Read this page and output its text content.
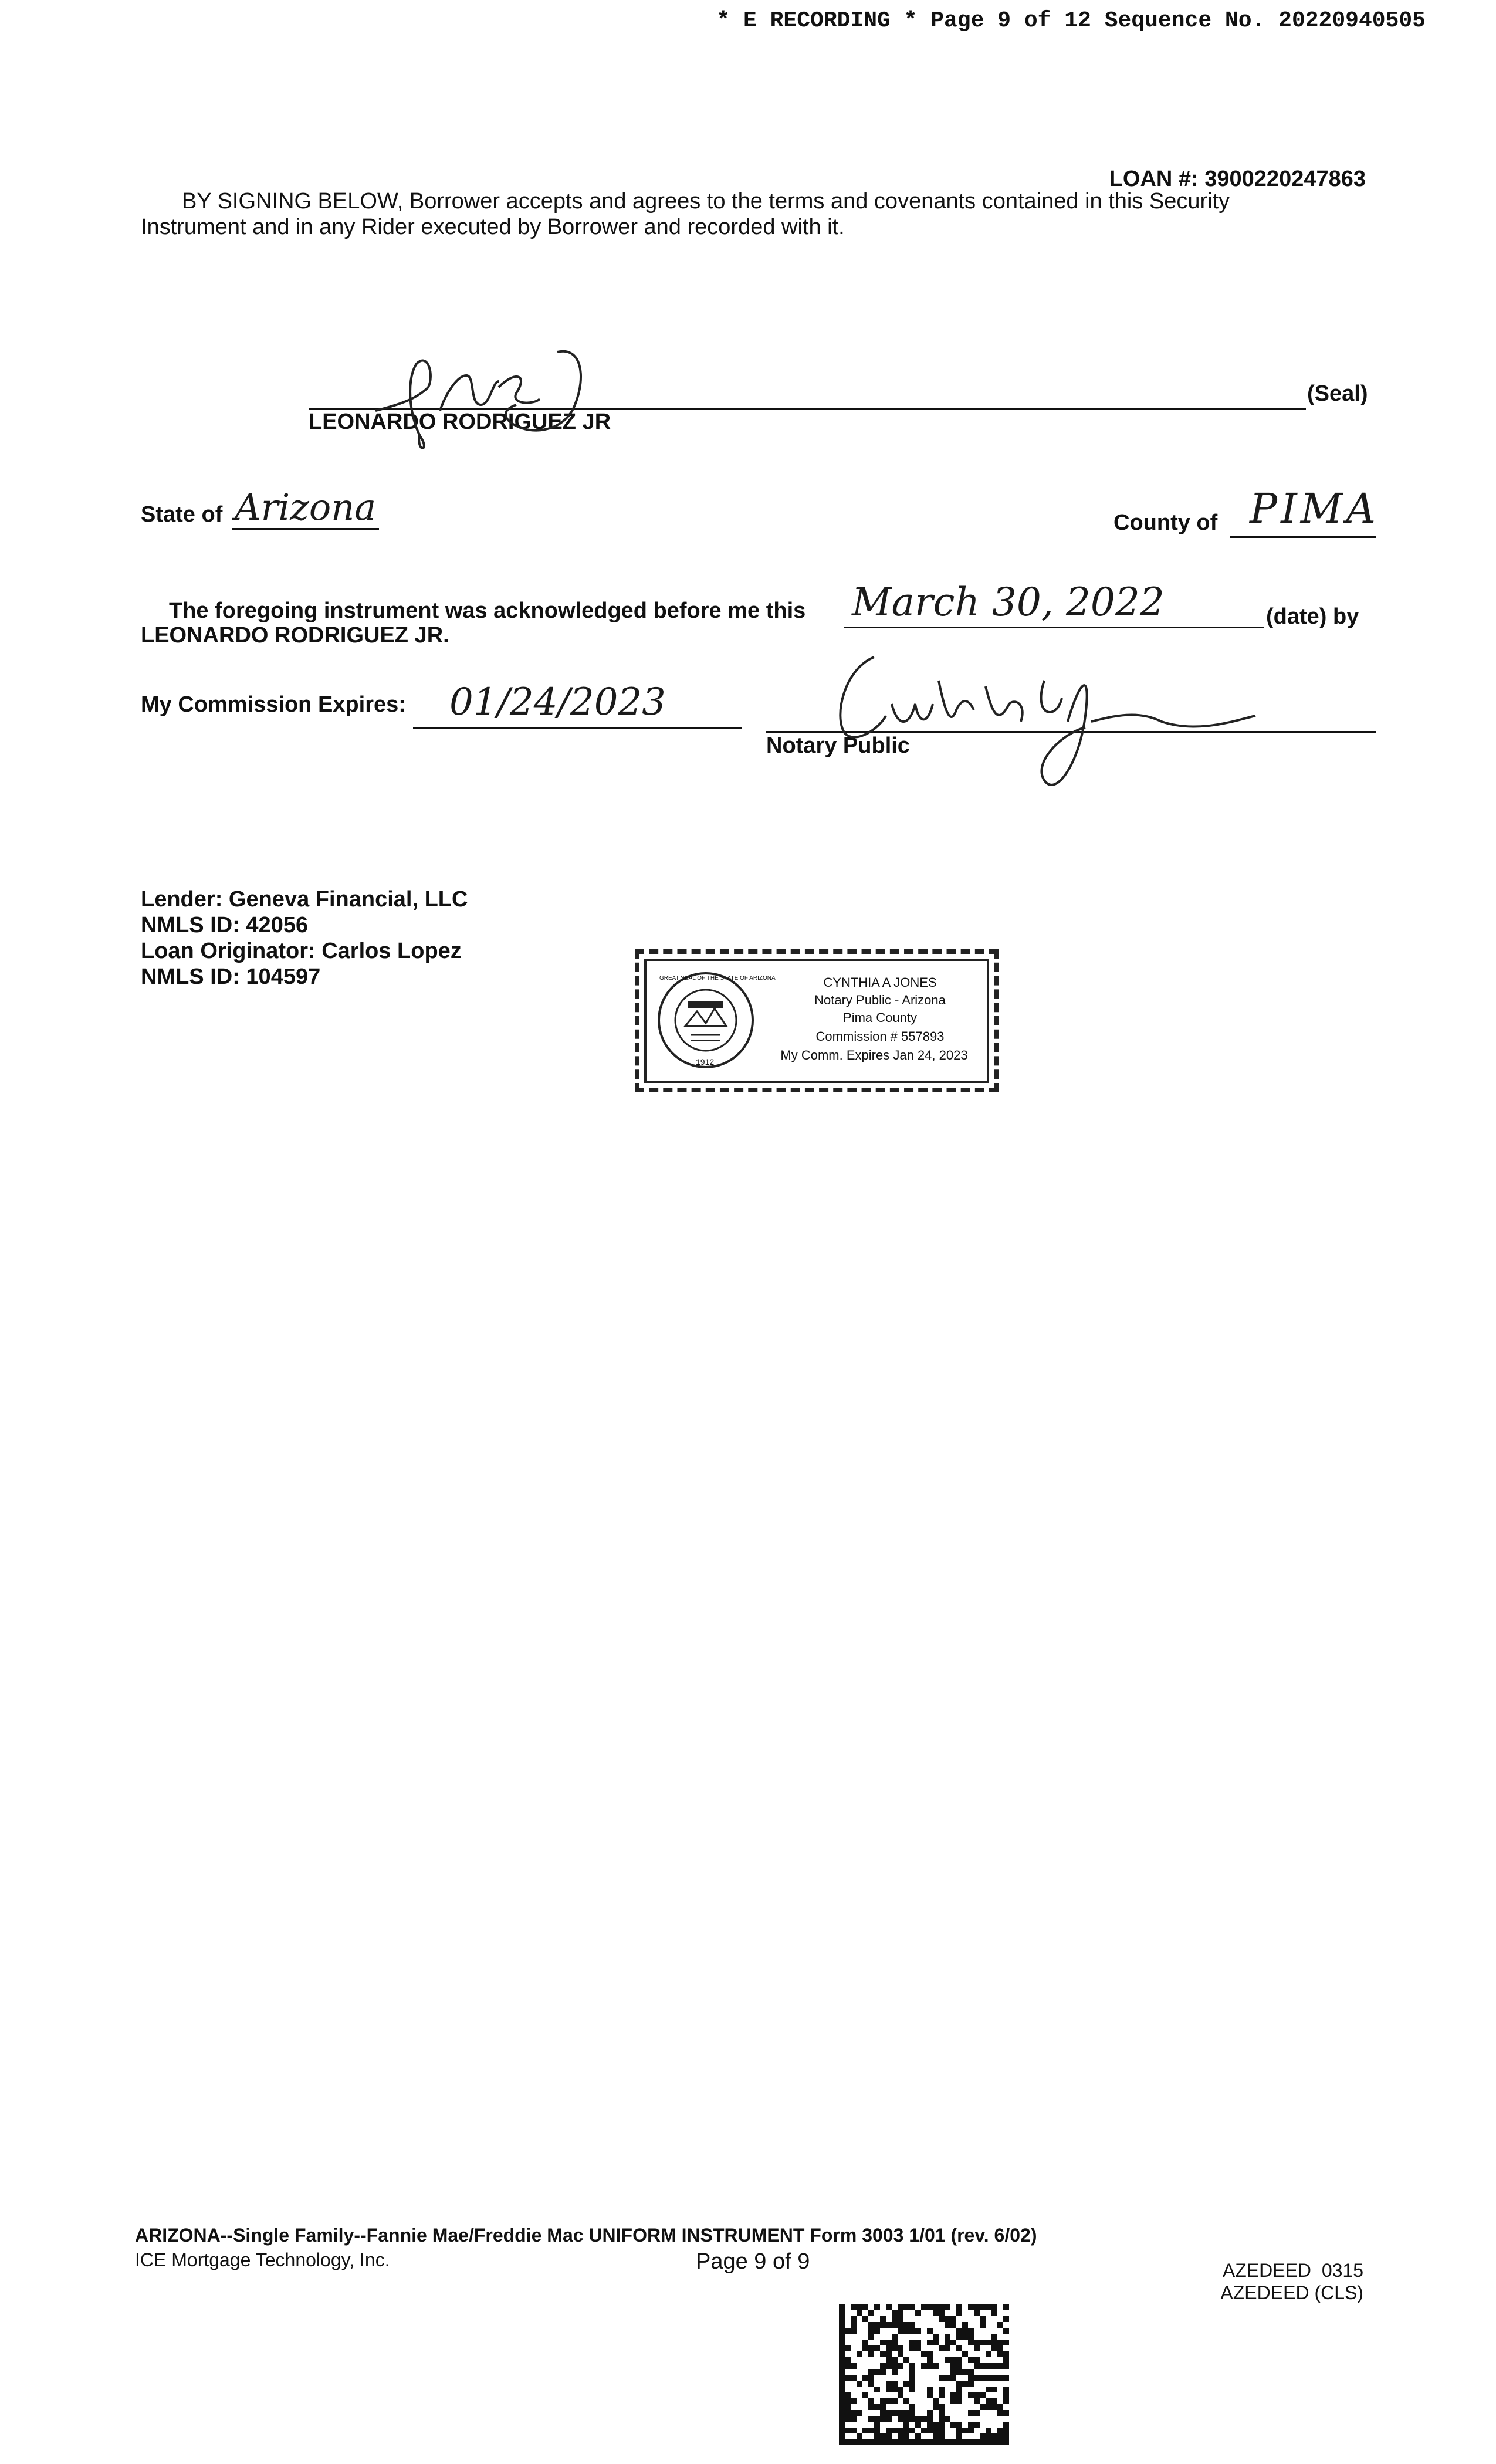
* E RECORDING * Page 9 of 12 Sequence No. 20220940505
LOAN #: 3900220247863
BY SIGNING BELOW, Borrower accepts and agrees to the terms and covenants contained in this Security
Instrument and in any Rider executed by Borrower and recorded with it.
(Seal)
LEONARDO RODRIGUEZ JR
State of Arizona	County of PIMA
The foregoing instrument was acknowledged before me this March 30, 2022	(date) by
LEONARDO RODRIGUEZ JR.
My Commission Expires: 01/24/2023
Notary Public
Lender: Geneva Financial, LLC
NMLS ID: 42056
Loan Originator: Carlos Lopez
NMLS ID: 104597	GREAT SEAL OF THE STATE OF ARIZONA
1912
CYNTHIA A JONES
Notary Public - Arizona
Pima County
Commission # 557893
My Comm. Expires Jan 24, 2023
ARIZONA--Single Family--Fannie Mae/Freddie Mac UNIFORM INSTRUMENT Form 3003 1/01 (rev. 6/02)
ICE Mortgage Technology, Inc.	Page 9 of 9	AZEDEED  0315
AZEDEED (CLS)
